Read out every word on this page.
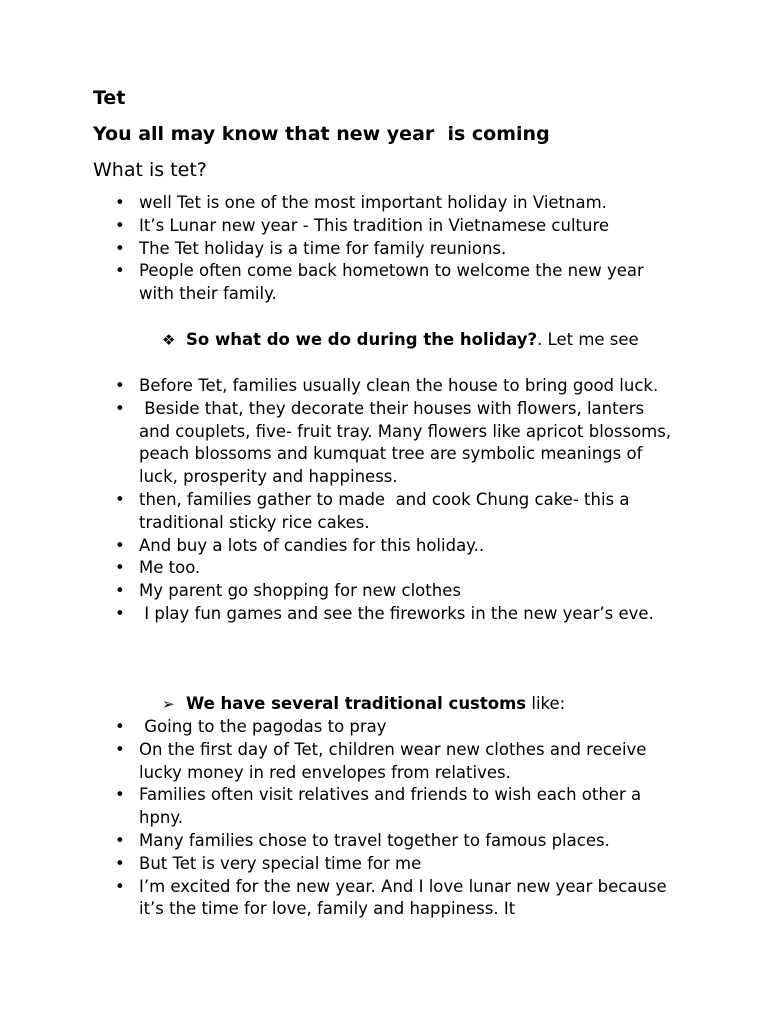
Tet
You all may know that new year  is coming
What is tet?
• well Tet is one of the most important holiday in Vietnam.
• It’s Lunar new year - This tradition in Vietnamese culture
• The Tet holiday is a time for family reunions.
• People often come back hometown to welcome the new year with their family.
❖ So what do we do during the holiday?. Let me see
• Before Tet, families usually clean the house to bring good luck.
• Beside that, they decorate their houses with flowers, lanters and couplets, five- fruit tray. Many flowers like apricot blossoms, peach blossoms and kumquat tree are symbolic meanings of luck, prosperity and happiness.
• then, families gather to made  and cook Chung cake- this a traditional sticky rice cakes.
• And buy a lots of candies for this holiday..
• Me too.
• My parent go shopping for new clothes
• I play fun games and see the fireworks in the new year’s eve.
➢ We have several traditional customs like:
• Going to the pagodas to pray
• On the first day of Tet, children wear new clothes and receive lucky money in red envelopes from relatives.
• Families often visit relatives and friends to wish each other a hpny.
• Many families chose to travel together to famous places.
• But Tet is very special time for me
• I’m excited for the new year. And I love lunar new year because it’s the time for love, family and happiness. It
